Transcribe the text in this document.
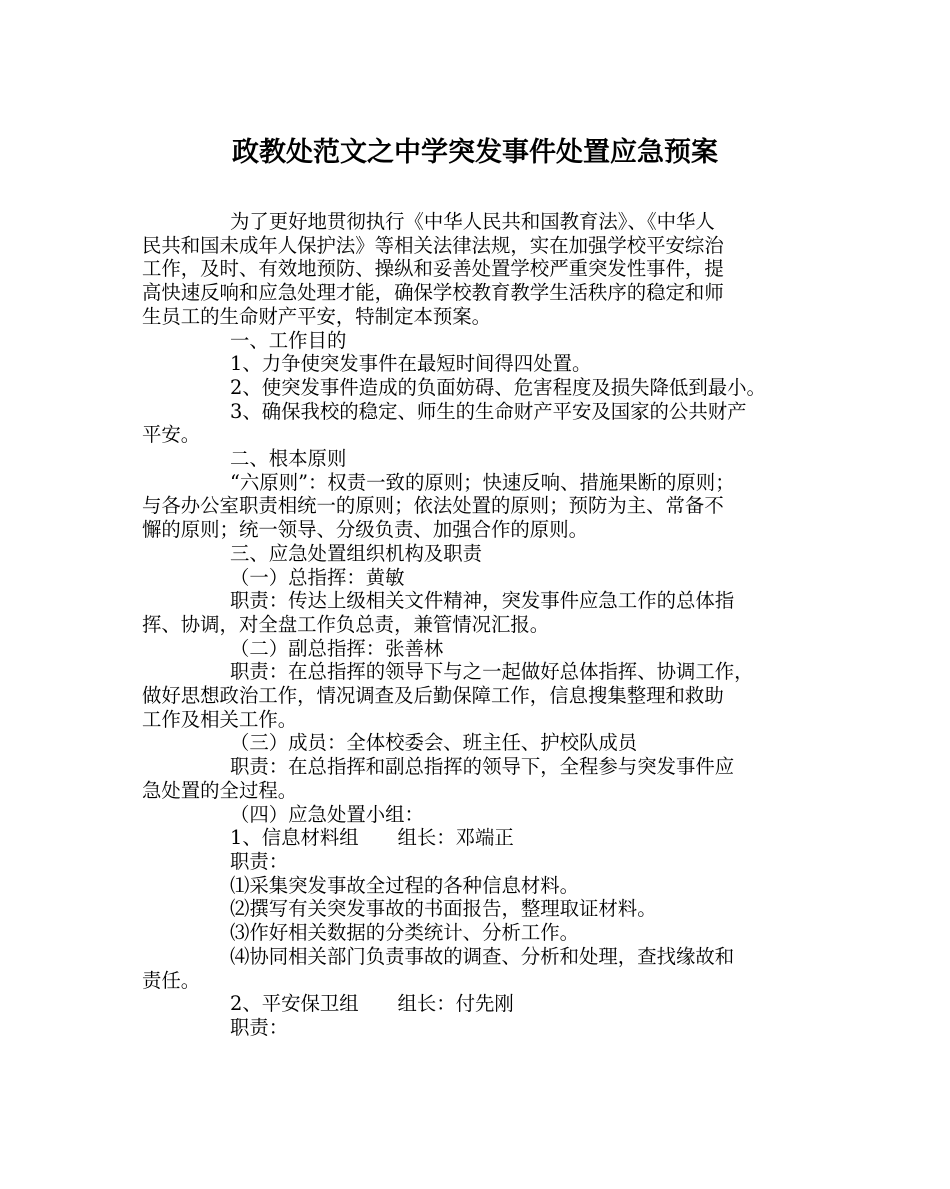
政教处范文之中学突发事件处置应急预案

为了更好地贯彻执行《中华人民共和国教育法》、《中华人

民共和国未成年人保护法》等相关法律法规，实在加强学校平安综治

工作，及时、有效地预防、操纵和妥善处置学校严重突发性事件，提

高快速反响和应急处理才能，确保学校教育教学生活秩序的稳定和师

生员工的生命财产平安，特制定本预案。

一、工作目的

1、力争使突发事件在最短时间得四处置。

2、使突发事件造成的负面妨碍、危害程度及损失降低到最小。

3、确保我校的稳定、师生的生命财产平安及国家的公共财产

平安。

二、根本原则

“六原则”：权责一致的原则；快速反响、措施果断的原则；

与各办公室职责相统一的原则；依法处置的原则；预防为主、常备不

懈的原则；统一领导、分级负责、加强合作的原则。

三、应急处置组织机构及职责

（一）总指挥：黄敏

职责：传达上级相关文件精神，突发事件应急工作的总体指

挥、协调，对全盘工作负总责，兼管情况汇报。

（二）副总指挥：张善林

职责：在总指挥的领导下与之一起做好总体指挥、协调工作，

做好思想政治工作，情况调查及后勤保障工作，信息搜集整理和救助

工作及相关工作。

（三）成员：全体校委会、班主任、护校队成员

职责：在总指挥和副总指挥的领导下，全程参与突发事件应

急处置的全过程。

（四）应急处置小组：

1、信息材料组　　组长：邓端正

职责：

⑴采集突发事故全过程的各种信息材料。

⑵撰写有关突发事故的书面报告，整理取证材料。

⑶作好相关数据的分类统计、分析工作。

⑷协同相关部门负责事故的调查、分析和处理，查找缘故和

责任。

2、平安保卫组　　组长：付先刚

职责：
